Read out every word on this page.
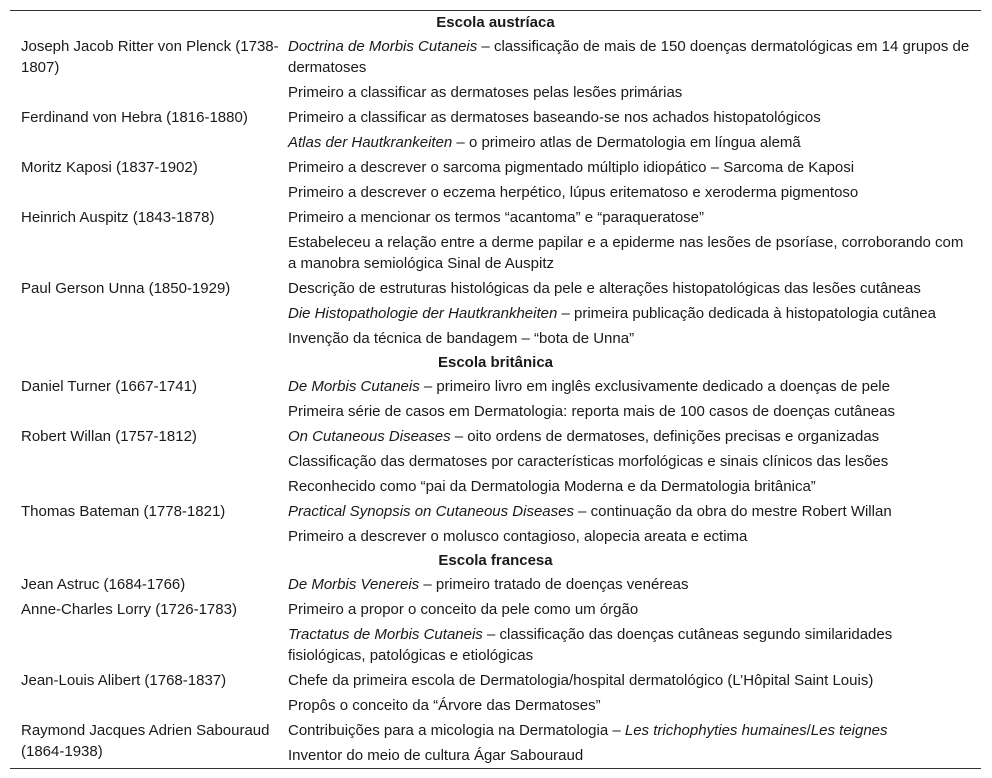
Escola austríaca	
Joseph Jacob Ritter von Plenck (1738-1807)	Doctrina de Morbis Cutaneis – classificação de mais de 150 doenças dermatológicas em 14 grupos de dermatoses
	Primeiro a classificar as dermatoses pelas lesões primárias
Ferdinand von Hebra (1816-1880)	Primeiro a classificar as dermatoses baseando-se nos achados histopatológicos
	Atlas der Hautkrankeiten – o primeiro atlas de Dermatologia em língua alemã
Moritz Kaposi (1837-1902)	Primeiro a descrever o sarcoma pigmentado múltiplo idiopático – Sarcoma de Kaposi
	Primeiro a descrever o eczema herpético, lúpus eritematoso e xeroderma pigmentoso
Heinrich Auspitz (1843-1878)	Primeiro a mencionar os termos “acantoma” e “paraqueratose”
	Estabeleceu a relação entre a derme papilar e a epiderme nas lesões de psoríase, corroborando com a manobra semiológica Sinal de Auspitz
Paul Gerson Unna (1850-1929)	Descrição de estruturas histológicas da pele e alterações histopatológicas das lesões cutâneas
	Die Histopathologie der Hautkrankheiten – primeira publicação dedicada à histopatologia cutânea
	Invenção da técnica de bandagem – “bota de Unna”
Escola britânica	
Daniel Turner (1667-1741)	De Morbis Cutaneis – primeiro livro em inglês exclusivamente dedicado a doenças de pele
	Primeira série de casos em Dermatologia: reporta mais de 100 casos de doenças cutâneas
Robert Willan (1757-1812)	On Cutaneous Diseases – oito ordens de dermatoses, definições precisas e organizadas
	Classificação das dermatoses por características morfológicas e sinais clínicos das lesões
	Reconhecido como “pai da Dermatologia Moderna e da Dermatologia britânica”
Thomas Bateman (1778-1821)	Practical Synopsis on Cutaneous Diseases – continuação da obra do mestre Robert Willan
	Primeiro a descrever o molusco contagioso, alopecia areata e ectima
Escola francesa	
Jean Astruc (1684-1766)	De Morbis Venereis – primeiro tratado de doenças venéreas
Anne-Charles Lorry (1726-1783)	Primeiro a propor o conceito da pele como um órgão
	Tractatus de Morbis Cutaneis – classificação das doenças cutâneas segundo similaridades fisiológicas, patológicas e etiológicas
Jean-Louis Alibert (1768-1837)	Chefe da primeira escola de Dermatologia/hospital dermatológico (L’Hôpital Saint Louis)
	Propôs o conceito da “Árvore das Dermatoses”
Raymond Jacques Adrien Sabouraud (1864-1938)	Contribuições para a micologia na Dermatologia – Les trichophyties humaines/Les teignes
	Inventor do meio de cultura Ágar Sabouraud
